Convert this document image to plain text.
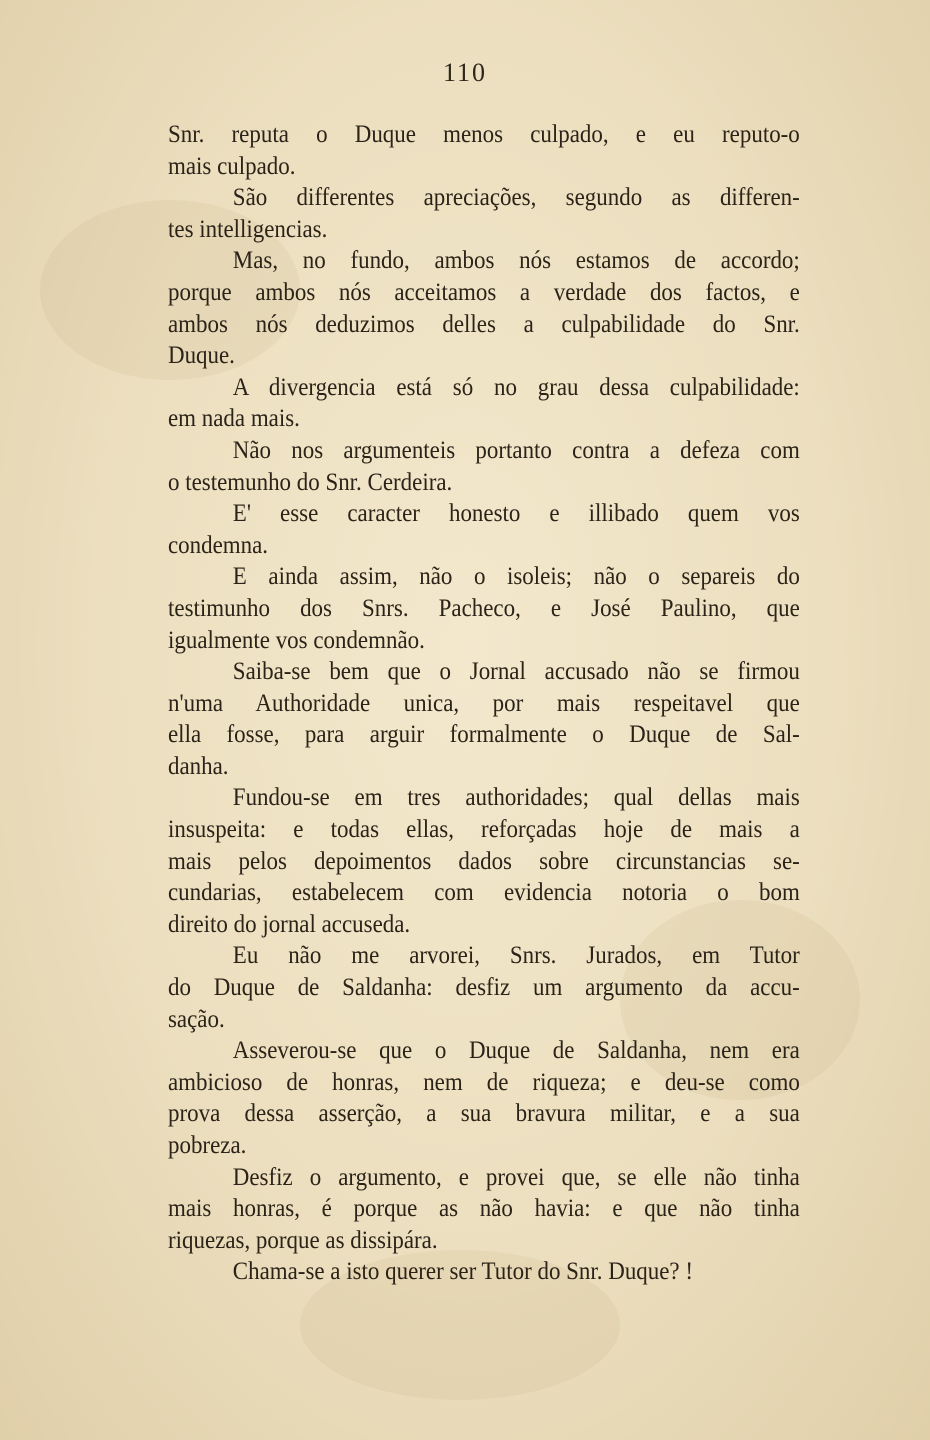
110
Snr. reputa o Duque menos culpado, e eu reputo-o
mais culpado.
São differentes apreciações, segundo as differen-
tes intelligencias.
Mas, no fundo, ambos nós estamos de accordo;
porque ambos nós acceitamos a verdade dos factos, e
ambos nós deduzimos delles a culpabilidade do Snr.
Duque.
A divergencia está só no grau dessa culpabilidade:
em nada mais.
Não nos argumenteis portanto contra a defeza com
o testemunho do Snr. Cerdeira.
E' esse caracter honesto e illibado quem vos
condemna.
E ainda assim, não o isoleis; não o separeis do
testimunho dos Snrs. Pacheco, e José Paulino, que
igualmente vos condemnão.
Saiba-se bem que o Jornal accusado não se firmou
n'uma Authoridade unica, por mais respeitavel que
ella fosse, para arguir formalmente o Duque de Sal-
danha.
Fundou-se em tres authoridades; qual dellas mais
insuspeita: e todas ellas, reforçadas hoje de mais a
mais pelos depoimentos dados sobre circunstancias se-
cundarias, estabelecem com evidencia notoria o bom
direito do jornal accuseda.
Eu não me arvorei, Snrs. Jurados, em Tutor
do Duque de Saldanha: desfiz um argumento da accu-
sação.
Asseverou-se que o Duque de Saldanha, nem era
ambicioso de honras, nem de riqueza; e deu-se como
prova dessa asserção, a sua bravura militar, e a sua
pobreza.
Desfiz o argumento, e provei que, se elle não tinha
mais honras, é porque as não havia: e que não tinha
riquezas, porque as dissipára.
Chama-se a isto querer ser Tutor do Snr. Duque? !
